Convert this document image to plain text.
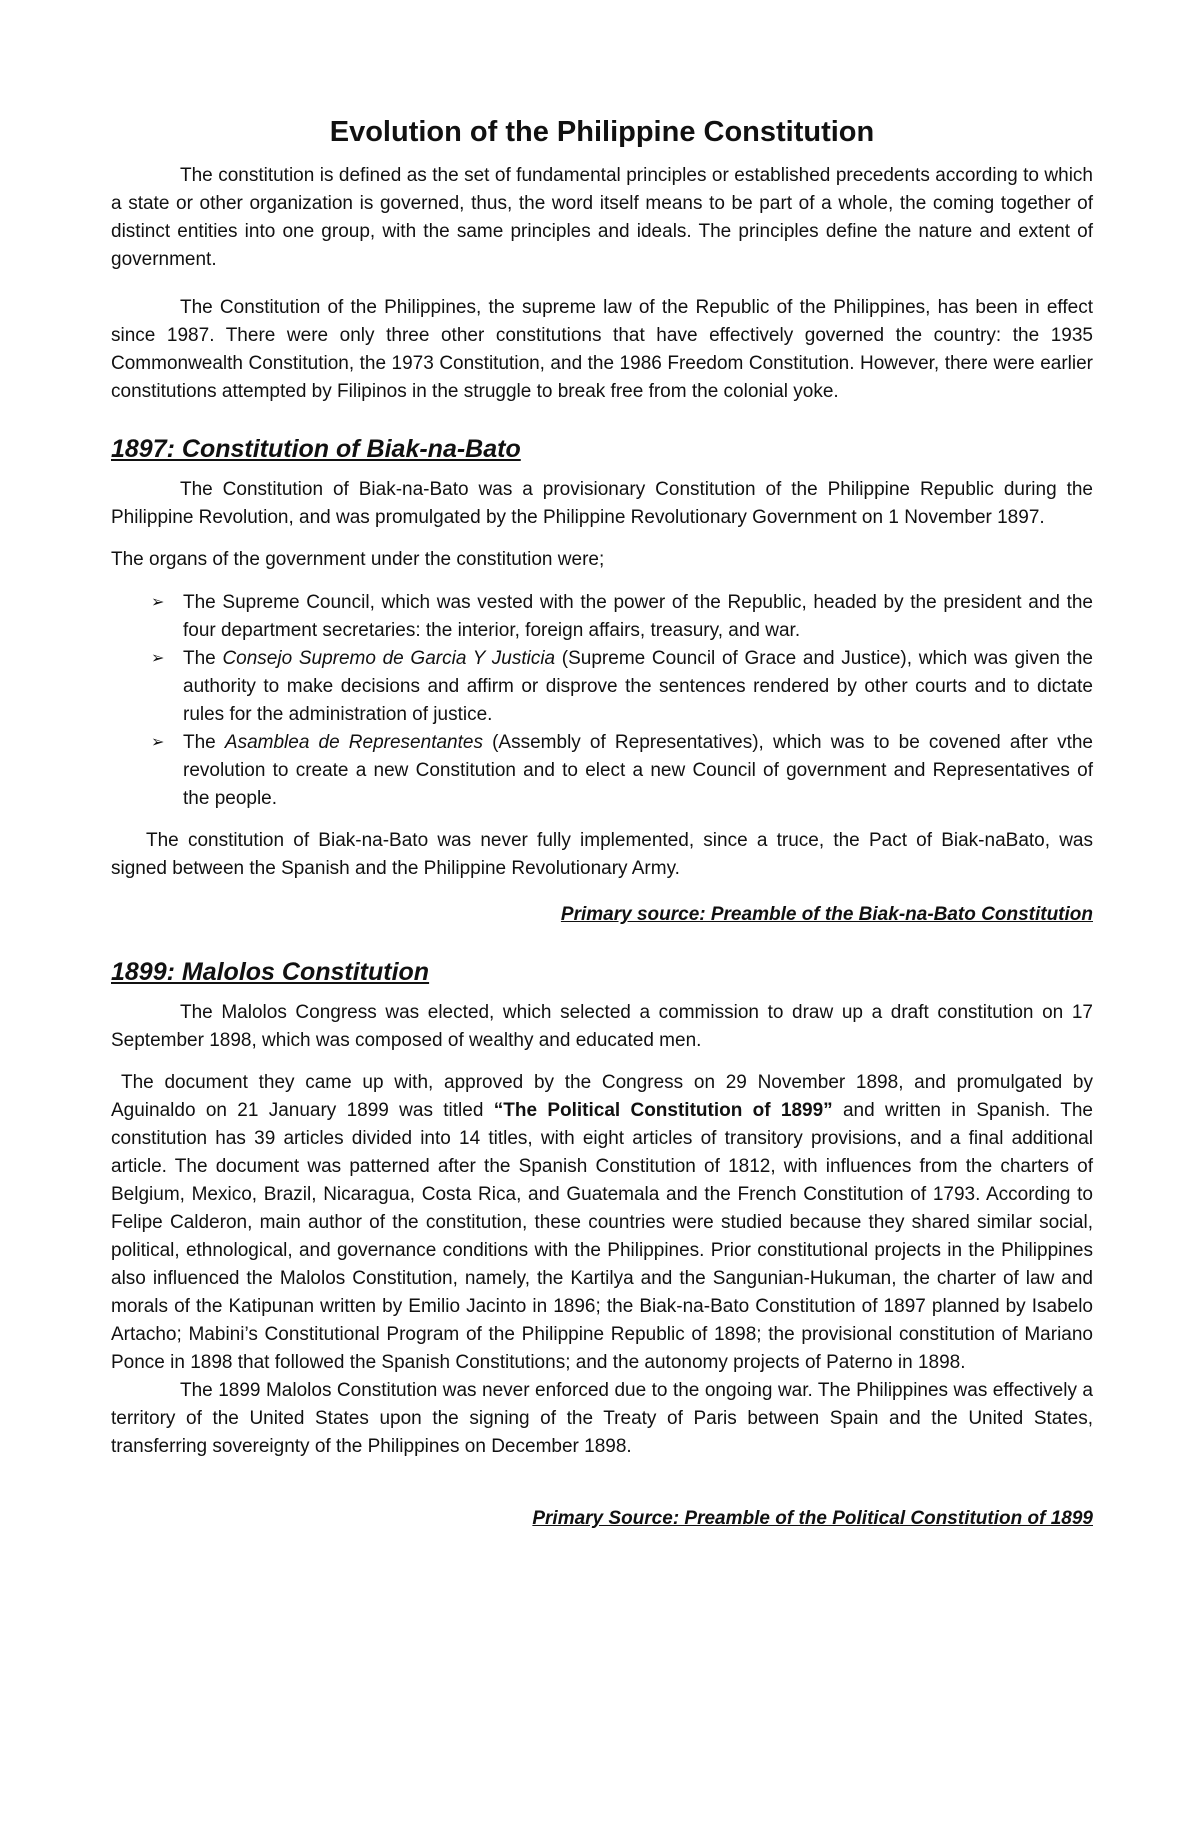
Evolution of the Philippine Constitution

The constitution is defined as the set of fundamental principles or established precedents according to which a state or other organization is governed, thus, the word itself means to be part of a whole, the coming together of distinct entities into one group, with the same principles and ideals. The principles define the nature and extent of government.

The Constitution of the Philippines, the supreme law of the Republic of the Philippines, has been in effect since 1987. There were only three other constitutions that have effectively governed the country: the 1935 Commonwealth Constitution, the 1973 Constitution, and the 1986 Freedom Constitution. However, there were earlier constitutions attempted by Filipinos in the struggle to break free from the colonial yoke.

1897: Constitution of Biak-na-Bato

The Constitution of Biak-na-Bato was a provisionary Constitution of the Philippine Republic during the Philippine Revolution, and was promulgated by the Philippine Revolutionary Government on 1 November 1897.

The organs of the government under the constitution were;

➢ The Supreme Council, which was vested with the power of the Republic, headed by the president and the four department secretaries: the interior, foreign affairs, treasury, and war.
➢ The Consejo Supremo de Garcia Y Justicia (Supreme Council of Grace and Justice), which was given the authority to make decisions and affirm or disprove the sentences rendered by other courts and to dictate rules for the administration of justice.
➢ The Asamblea de Representantes (Assembly of Representatives), which was to be covened after vthe revolution to create a new Constitution and to elect a new Council of government and Representatives of the people.

The constitution of Biak-na-Bato was never fully implemented, since a truce, the Pact of Biak-naBato, was signed between the Spanish and the Philippine Revolutionary Army.

Primary source: Preamble of the Biak-na-Bato Constitution

1899: Malolos Constitution

The Malolos Congress was elected, which selected a commission to draw up a draft constitution on 17 September 1898, which was composed of wealthy and educated men.

The document they came up with, approved by the Congress on 29 November 1898, and promulgated by Aguinaldo on 21 January 1899 was titled “The Political Constitution of 1899” and written in Spanish. The constitution has 39 articles divided into 14 titles, with eight articles of transitory provisions, and a final additional article. The document was patterned after the Spanish Constitution of 1812, with influences from the charters of Belgium, Mexico, Brazil, Nicaragua, Costa Rica, and Guatemala and the French Constitution of 1793. According to Felipe Calderon, main author of the constitution, these countries were studied because they shared similar social, political, ethnological, and governance conditions with the Philippines. Prior constitutional projects in the Philippines also influenced the Malolos Constitution, namely, the Kartilya and the Sangunian-Hukuman, the charter of law and morals of the Katipunan written by Emilio Jacinto in 1896; the Biak-na-Bato Constitution of 1897 planned by Isabelo Artacho; Mabini’s Constitutional Program of the Philippine Republic of 1898; the provisional constitution of Mariano Ponce in 1898 that followed the Spanish Constitutions; and the autonomy projects of Paterno in 1898.

The 1899 Malolos Constitution was never enforced due to the ongoing war. The Philippines was effectively a territory of the United States upon the signing of the Treaty of Paris between Spain and the United States, transferring sovereignty of the Philippines on December 1898.

Primary Source: Preamble of the Political Constitution of 1899
